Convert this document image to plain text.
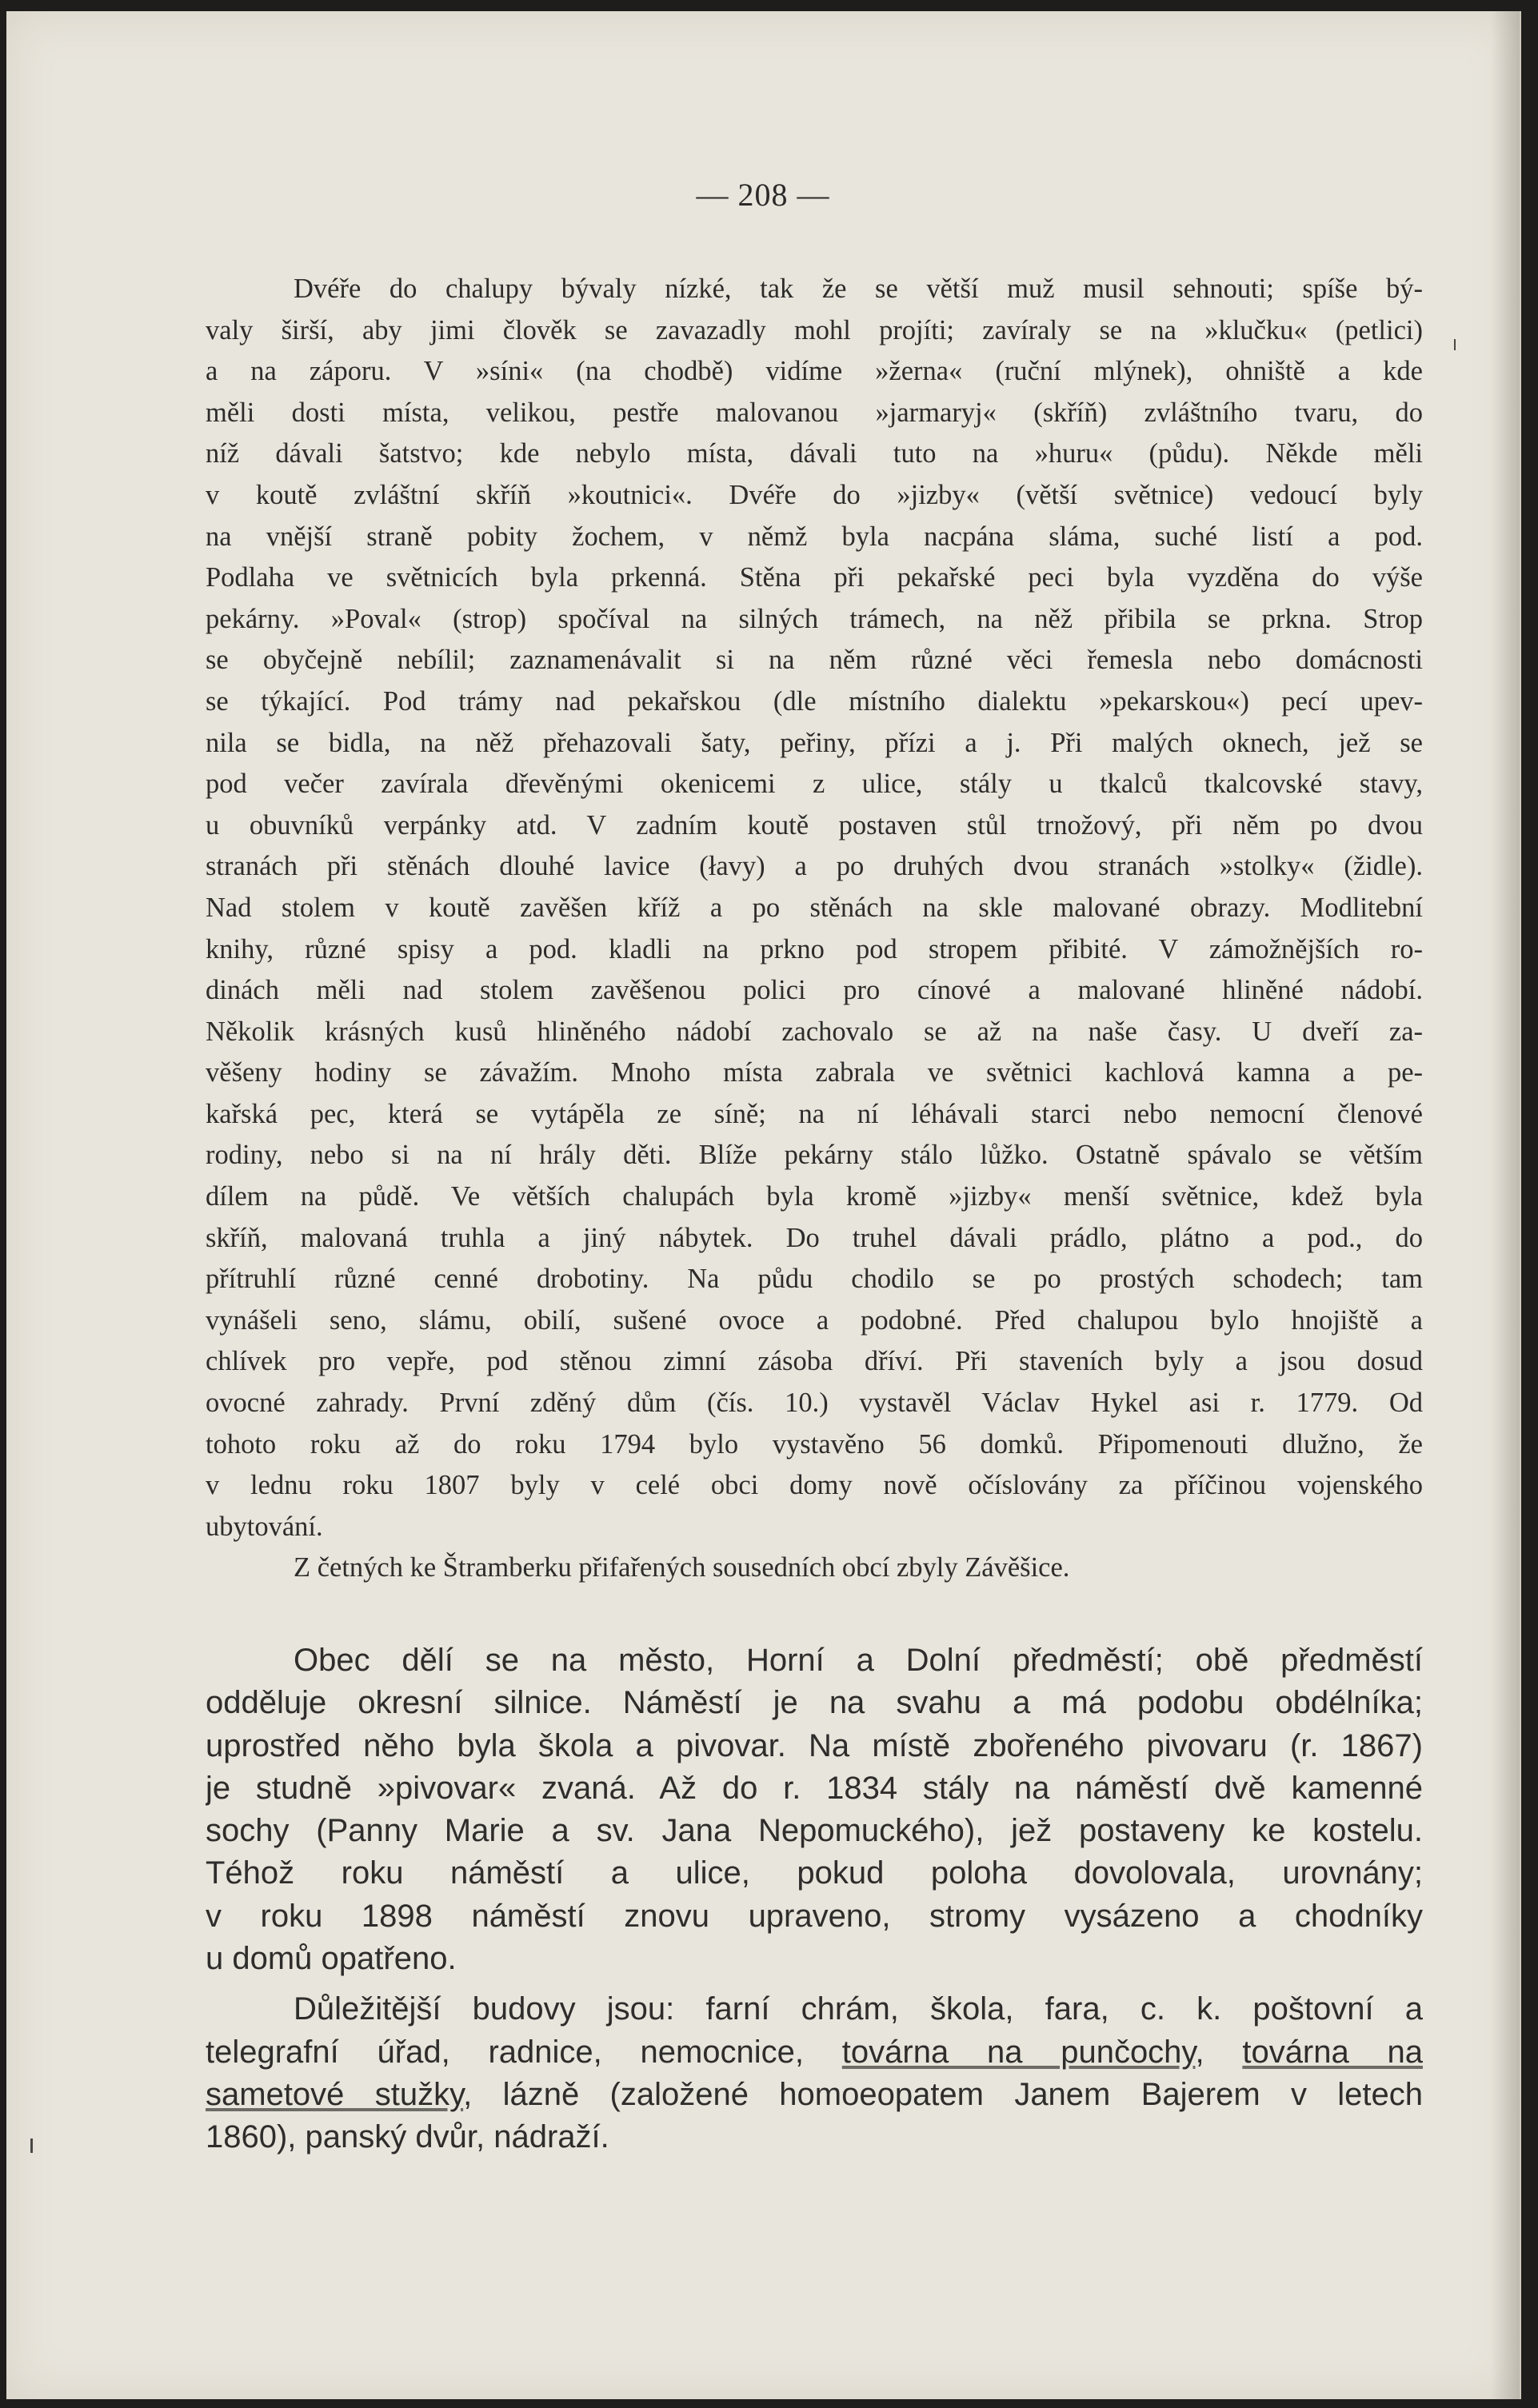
— 208 —
Dvéře do chalupy bývaly nízké, tak že se větší muž musil sehnouti; spíše bý-
valy širší, aby jimi člověk se zavazadly mohl projíti; zavíraly se na »klučku« (petlici)
a na záporu. V »síni« (na chodbě) vidíme »žerna« (ruční mlýnek), ohniště a kde
měli dosti místa, velikou, pestře malovanou »jarmaryj« (skříň) zvláštního tvaru, do
níž dávali šatstvo; kde nebylo místa, dávali tuto na »huru« (půdu). Někde měli
v koutě zvláštní skříň »koutnici«. Dvéře do »jizby« (větší světnice) vedoucí byly
na vnější straně pobity žochem, v němž byla nacpána sláma, suché listí a pod.
Podlaha ve světnicích byla prkenná. Stěna při pekařské peci byla vyzděna do výše
pekárny. »Poval« (strop) spočíval na silných trámech, na něž přibila se prkna. Strop
se obyčejně nebílil; zaznamenávalit si na něm různé věci řemesla nebo domácnosti
se týkající. Pod trámy nad pekařskou (dle místního dialektu »pekarskou«) pecí upev-
nila se bidla, na něž přehazovali šaty, peřiny, přízi a j. Při malých oknech, jež se
pod večer zavírala dřevěnými okenicemi z ulice, stály u tkalců tkalcovské stavy,
u obuvníků verpánky atd. V zadním koutě postaven stůl trnožový, při něm po dvou
stranách při stěnách dlouhé lavice (łavy) a po druhých dvou stranách »stolky« (židle).
Nad stolem v koutě zavěšen kříž a po stěnách na skle malované obrazy. Modlitební
knihy, různé spisy a pod. kladli na prkno pod stropem přibité. V zámožnějších ro-
dinách měli nad stolem zavěšenou polici pro cínové a malované hliněné nádobí.
Několik krásných kusů hliněného nádobí zachovalo se až na naše časy. U dveří za-
věšeny hodiny se závažím. Mnoho místa zabrala ve světnici kachlová kamna a pe-
kařská pec, která se vytápěla ze síně; na ní léhávali starci nebo nemocní členové
rodiny, nebo si na ní hrály děti. Blíže pekárny stálo lůžko. Ostatně spávalo se větším
dílem na půdě. Ve větších chalupách byla kromě »jizby« menší světnice, kdež byla
skříň, malovaná truhla a jiný nábytek. Do truhel dávali prádlo, plátno a pod., do
přítruhlí různé cenné drobotiny. Na půdu chodilo se po prostých schodech; tam
vynášeli seno, slámu, obilí, sušené ovoce a podobné. Před chalupou bylo hnojiště a
chlívek pro vepře, pod stěnou zimní zásoba dříví. Při staveních byly a jsou dosud
ovocné zahrady. První zděný dům (čís. 10.) vystavěl Václav Hykel asi r. 1779. Od
tohoto roku až do roku 1794 bylo vystavěno 56 domků. Připomenouti dlužno, že
v lednu roku 1807 byly v celé obci domy nově očíslovány za příčinou vojenského
ubytování.
Z četných ke Štramberku přifařených sousedních obcí zbyly Závěšice.
Obec dělí se na město, Horní a Dolní předměstí; obě předměstí
odděluje okresní silnice. Náměstí je na svahu a má podobu obdélníka;
uprostřed něho byla škola a pivovar. Na místě zbořeného pivovaru (r. 1867)
je studně »pivovar« zvaná. Až do r. 1834 stály na náměstí dvě kamenné
sochy (Panny Marie a sv. Jana Nepomuckého), jež postaveny ke kostelu.
Téhož roku náměstí a ulice, pokud poloha dovolovala, urovnány;
v roku 1898 náměstí znovu upraveno, stromy vysázeno a chodníky
u domů opatřeno.
Důležitější budovy jsou: farní chrám, škola, fara, c. k. poštovní a
telegrafní úřad, radnice, nemocnice, továrna na punčochy, továrna na
sametové stužky, lázně (založené homoeopatem Janem Bajerem v letech
1860), panský dvůr, nádraží.
